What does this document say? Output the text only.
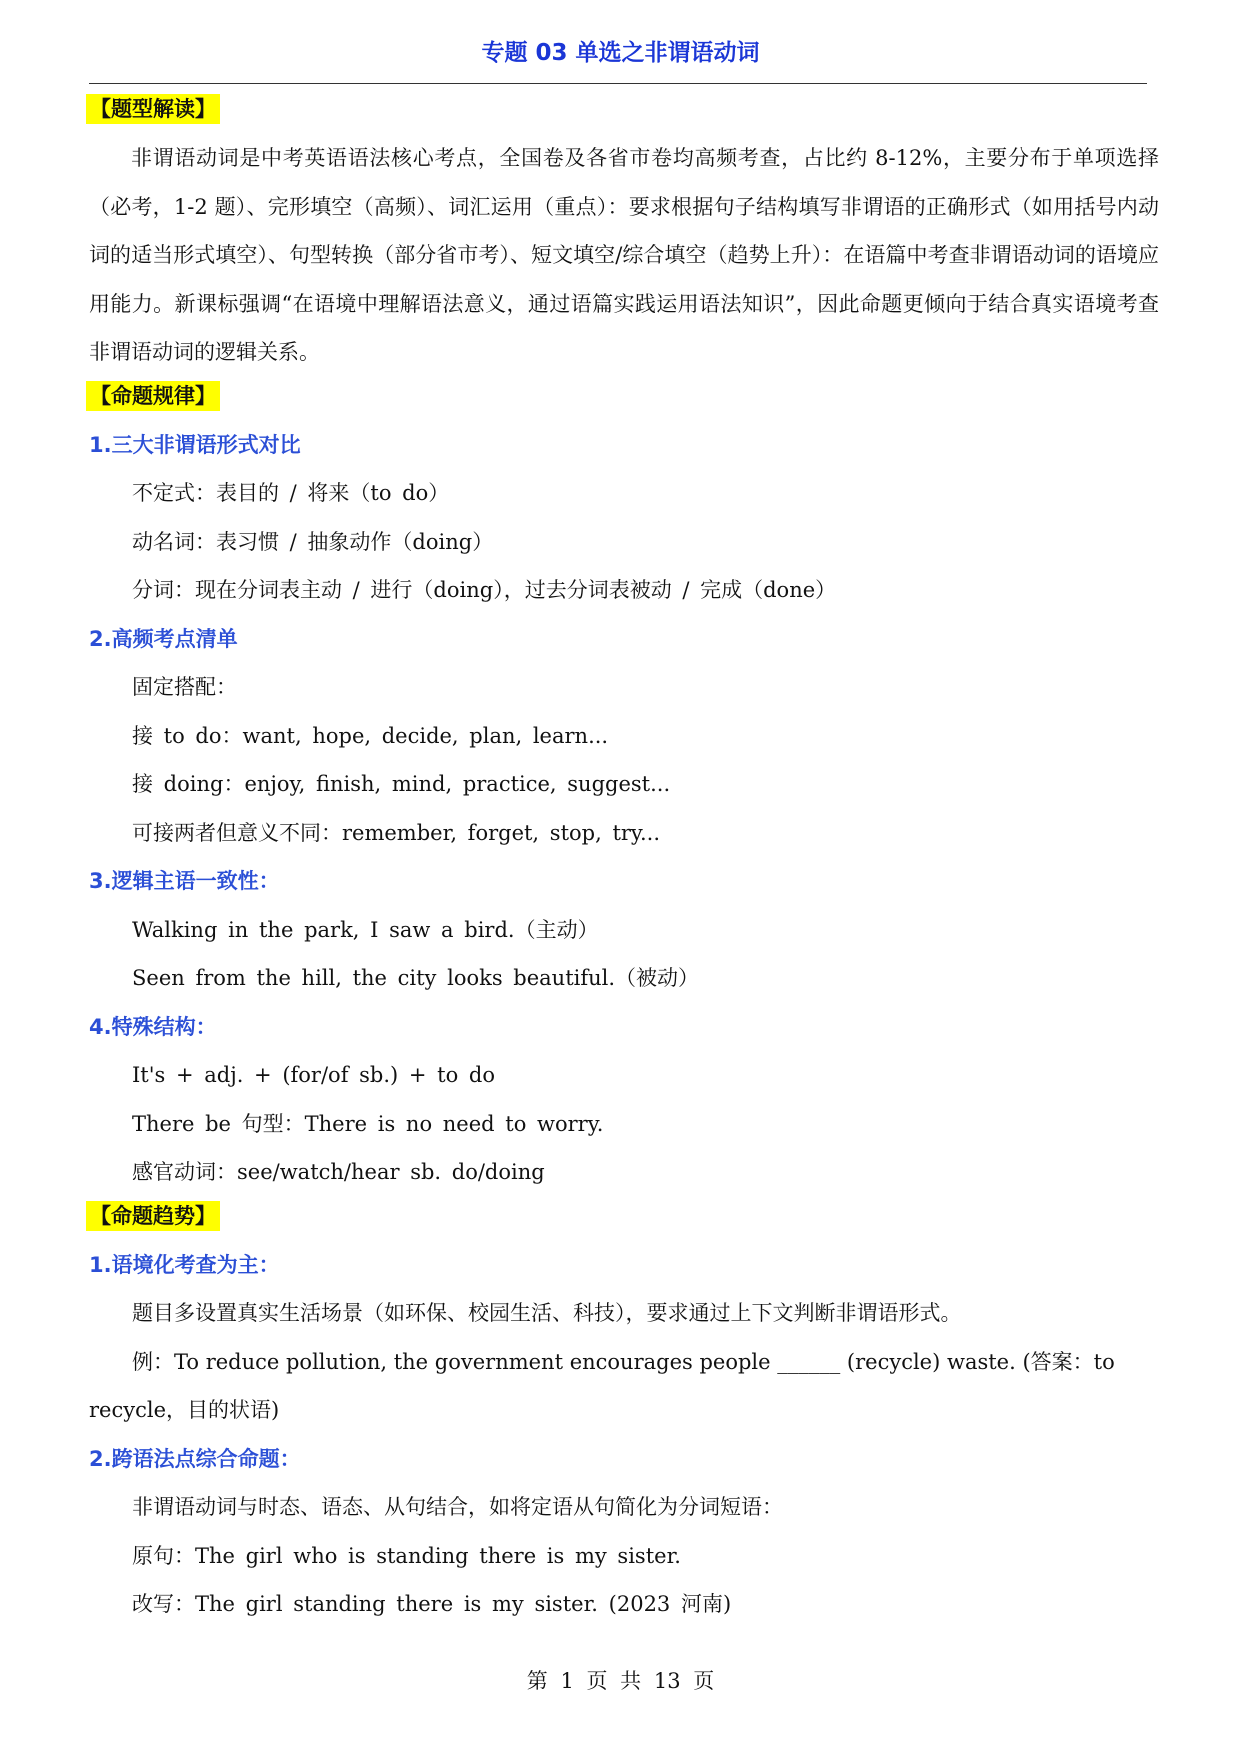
专题 03 单选之非谓语动词
【题型解读】

非谓语动词是中考英语语法核心考点，全国卷及各省市卷均高频考查，占比约 8-12%，主要分布于单项选择（必考，1-2 题）、完形填空（高频）、词汇运用（重点）：要求根据句子结构填写非谓语的正确形式（如用括号内动词的适当形式填空）、句型转换（部分省市考）、短文填空/综合填空（趋势上升）：在语篇中考查非谓语动词的语境应用能力。新课标强调“在语境中理解语法意义，通过语篇实践运用语法知识”，因此命题更倾向于结合真实语境考查非谓语动词的逻辑关系。

【命题规律】

1.三大非谓语形式对比

不定式：表目的 / 将来（to do）

动名词：表习惯 / 抽象动作（doing）

分词：现在分词表主动 / 进行（doing），过去分词表被动 / 完成（done）

2.高频考点清单

固定搭配：

接 to do：want, hope, decide, plan, learn...

接 doing：enjoy, finish, mind, practice, suggest...

可接两者但意义不同：remember, forget, stop, try...

3.逻辑主语一致性：

Walking in the park, I saw a bird.（主动）

Seen from the hill, the city looks beautiful.（被动）

4.特殊结构：

It's + adj. + (for/of sb.) + to do

There be 句型：There is no need to worry.

感官动词：see/watch/hear sb. do/doing

【命题趋势】

1.语境化考查为主：

题目多设置真实生活场景（如环保、校园生活、科技），要求通过上下文判断非谓语形式。

例：To reduce pollution, the government encourages people ______ (recycle) waste. (答案：to recycle，目的状语)

2.跨语法点综合命题：

非谓语动词与时态、语态、从句结合，如将定语从句简化为分词短语：

原句：The girl who is standing there is my sister.

改写：The girl standing there is my sister. (2023 河南)

第 1 页 共 13 页
